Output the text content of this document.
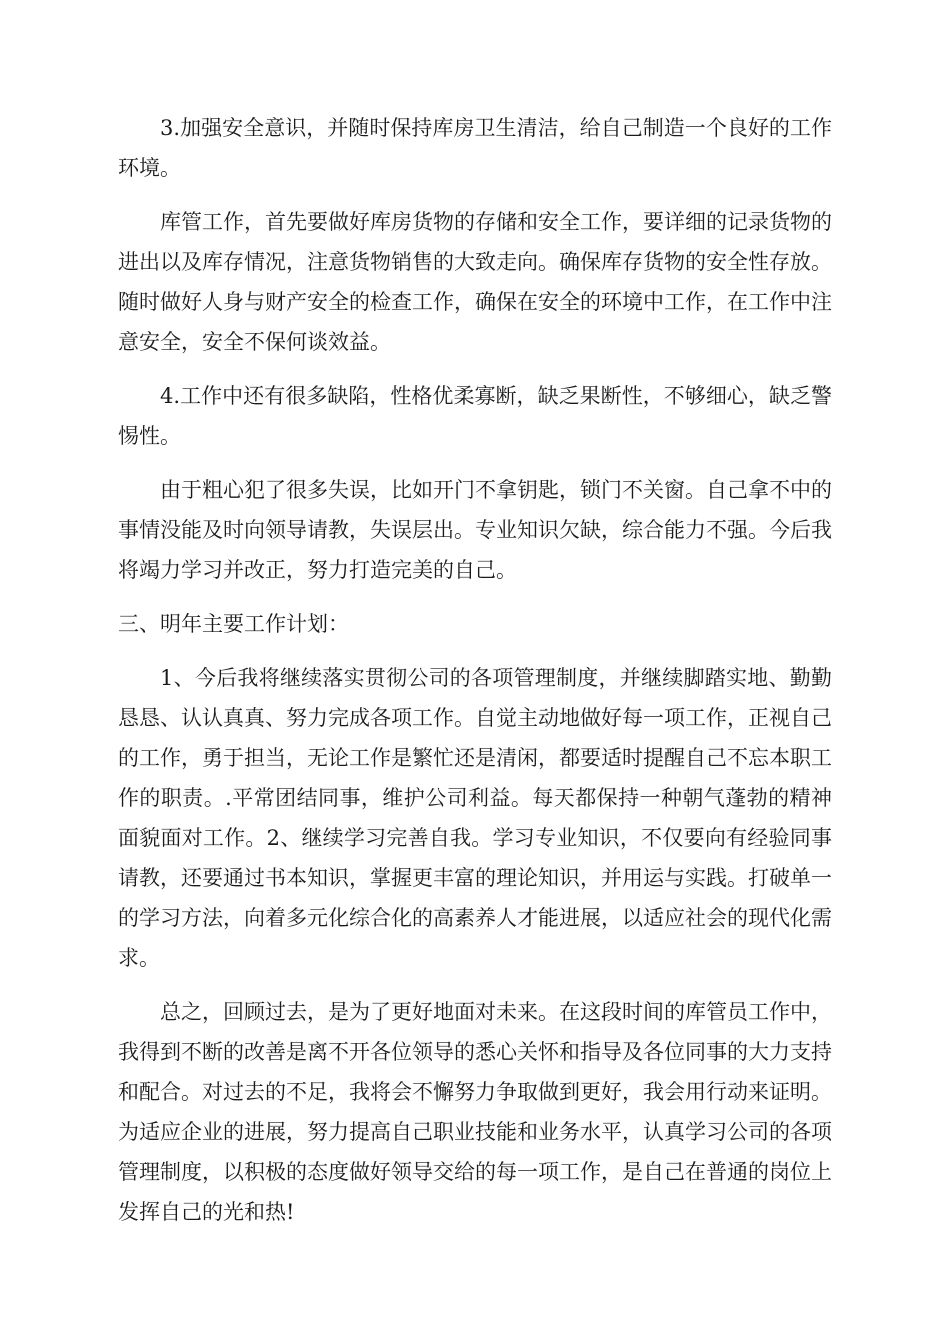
3.加强安全意识，并随时保持库房卫生清洁，给自己制造一个良好的工作环境。

库管工作，首先要做好库房货物的存储和安全工作，要详细的记录货物的进出以及库存情况，注意货物销售的大致走向。确保库存货物的安全性存放。随时做好人身与财产安全的检查工作，确保在安全的环境中工作，在工作中注意安全，安全不保何谈效益。

4.工作中还有很多缺陷，性格优柔寡断，缺乏果断性，不够细心，缺乏警惕性。

由于粗心犯了很多失误，比如开门不拿钥匙，锁门不关窗。自己拿不中的事情没能及时向领导请教，失误层出。专业知识欠缺，综合能力不强。今后我将竭力学习并改正，努力打造完美的自己。

三、明年主要工作计划：

1、今后我将继续落实贯彻公司的各项管理制度，并继续脚踏实地、勤勤恳恳、认认真真、努力完成各项工作。自觉主动地做好每一项工作，正视自己的工作，勇于担当，无论工作是繁忙还是清闲，都要适时提醒自己不忘本职工作的职责。.平常团结同事，维护公司利益。每天都保持一种朝气蓬勃的精神面貌面对工作。2、继续学习完善自我。学习专业知识，不仅要向有经验同事请教，还要通过书本知识，掌握更丰富的理论知识，并用运与实践。打破单一的学习方法，向着多元化综合化的高素养人才能进展，以适应社会的现代化需求。

总之，回顾过去，是为了更好地面对未来。在这段时间的库管员工作中，我得到不断的改善是离不开各位领导的悉心关怀和指导及各位同事的大力支持和配合。对过去的不足，我将会不懈努力争取做到更好，我会用行动来证明。为适应企业的进展，努力提高自己职业技能和业务水平，认真学习公司的各项管理制度，以积极的态度做好领导交给的每一项工作，是自己在普通的岗位上发挥自己的光和热!
